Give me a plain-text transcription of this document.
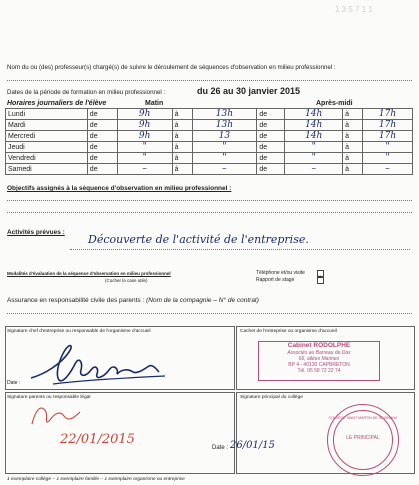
1 3 5 7 1 1
Nom du ou (des) professeur(s) chargé(s) de suivre le déroulement de séquences d'observation en milieu professionnel :
Dates de la période de formation en milieu professionnel :	du 26 au 30 janvier 2015
Horaires journaliers de l'élève	Matin	Après-midi
Lundi	de	9h	à	13h	de	14h	à	17h
Mardi	de	9h	à	13h	de	14h	à	17h
Mercredi	de	9h	à	13	de	14h	à	17h
Jeudi	de	"	à	"	de	"	à	"
Vendredi	de	"	à	"	de	"	à	"
Samedi	de	–	à	–	de	–	à	–
Objectifs assignés à la séquence d'observation en milieu professionnel :
Activités prévues :
Découverte de l'activité de l'entreprise.
Modalités d'évaluation de la séquence d'observation en milieu professionnel
(Cocher la case utile)
Téléphone et/ou visite
Rapport de stage
×
Assurance en responsabilité civile des parents : (Nom de la compagnie – N° de contrat)
Signature chef d'entreprise ou responsable de l'organisme d'accueil	Cachet de l'entreprise ou organisme d'accueil
Date :
Cabinet RODOLPHE
Associés au Barreau de Dax
66, allées Marines
BP 4 - 40130 CAPBRETON
Tél. 05 58 72 22 74
Signature parents ou responsable légal	Signature principal du collège
22/01/2015
Date : 26/01/15
LE PRINCIPAL
COLLÈGE SAINT MARTIN DE SEIGNANX
1 exemplaire collège – 1 exemplaire famille – 1 exemplaire organisme ou entreprise
